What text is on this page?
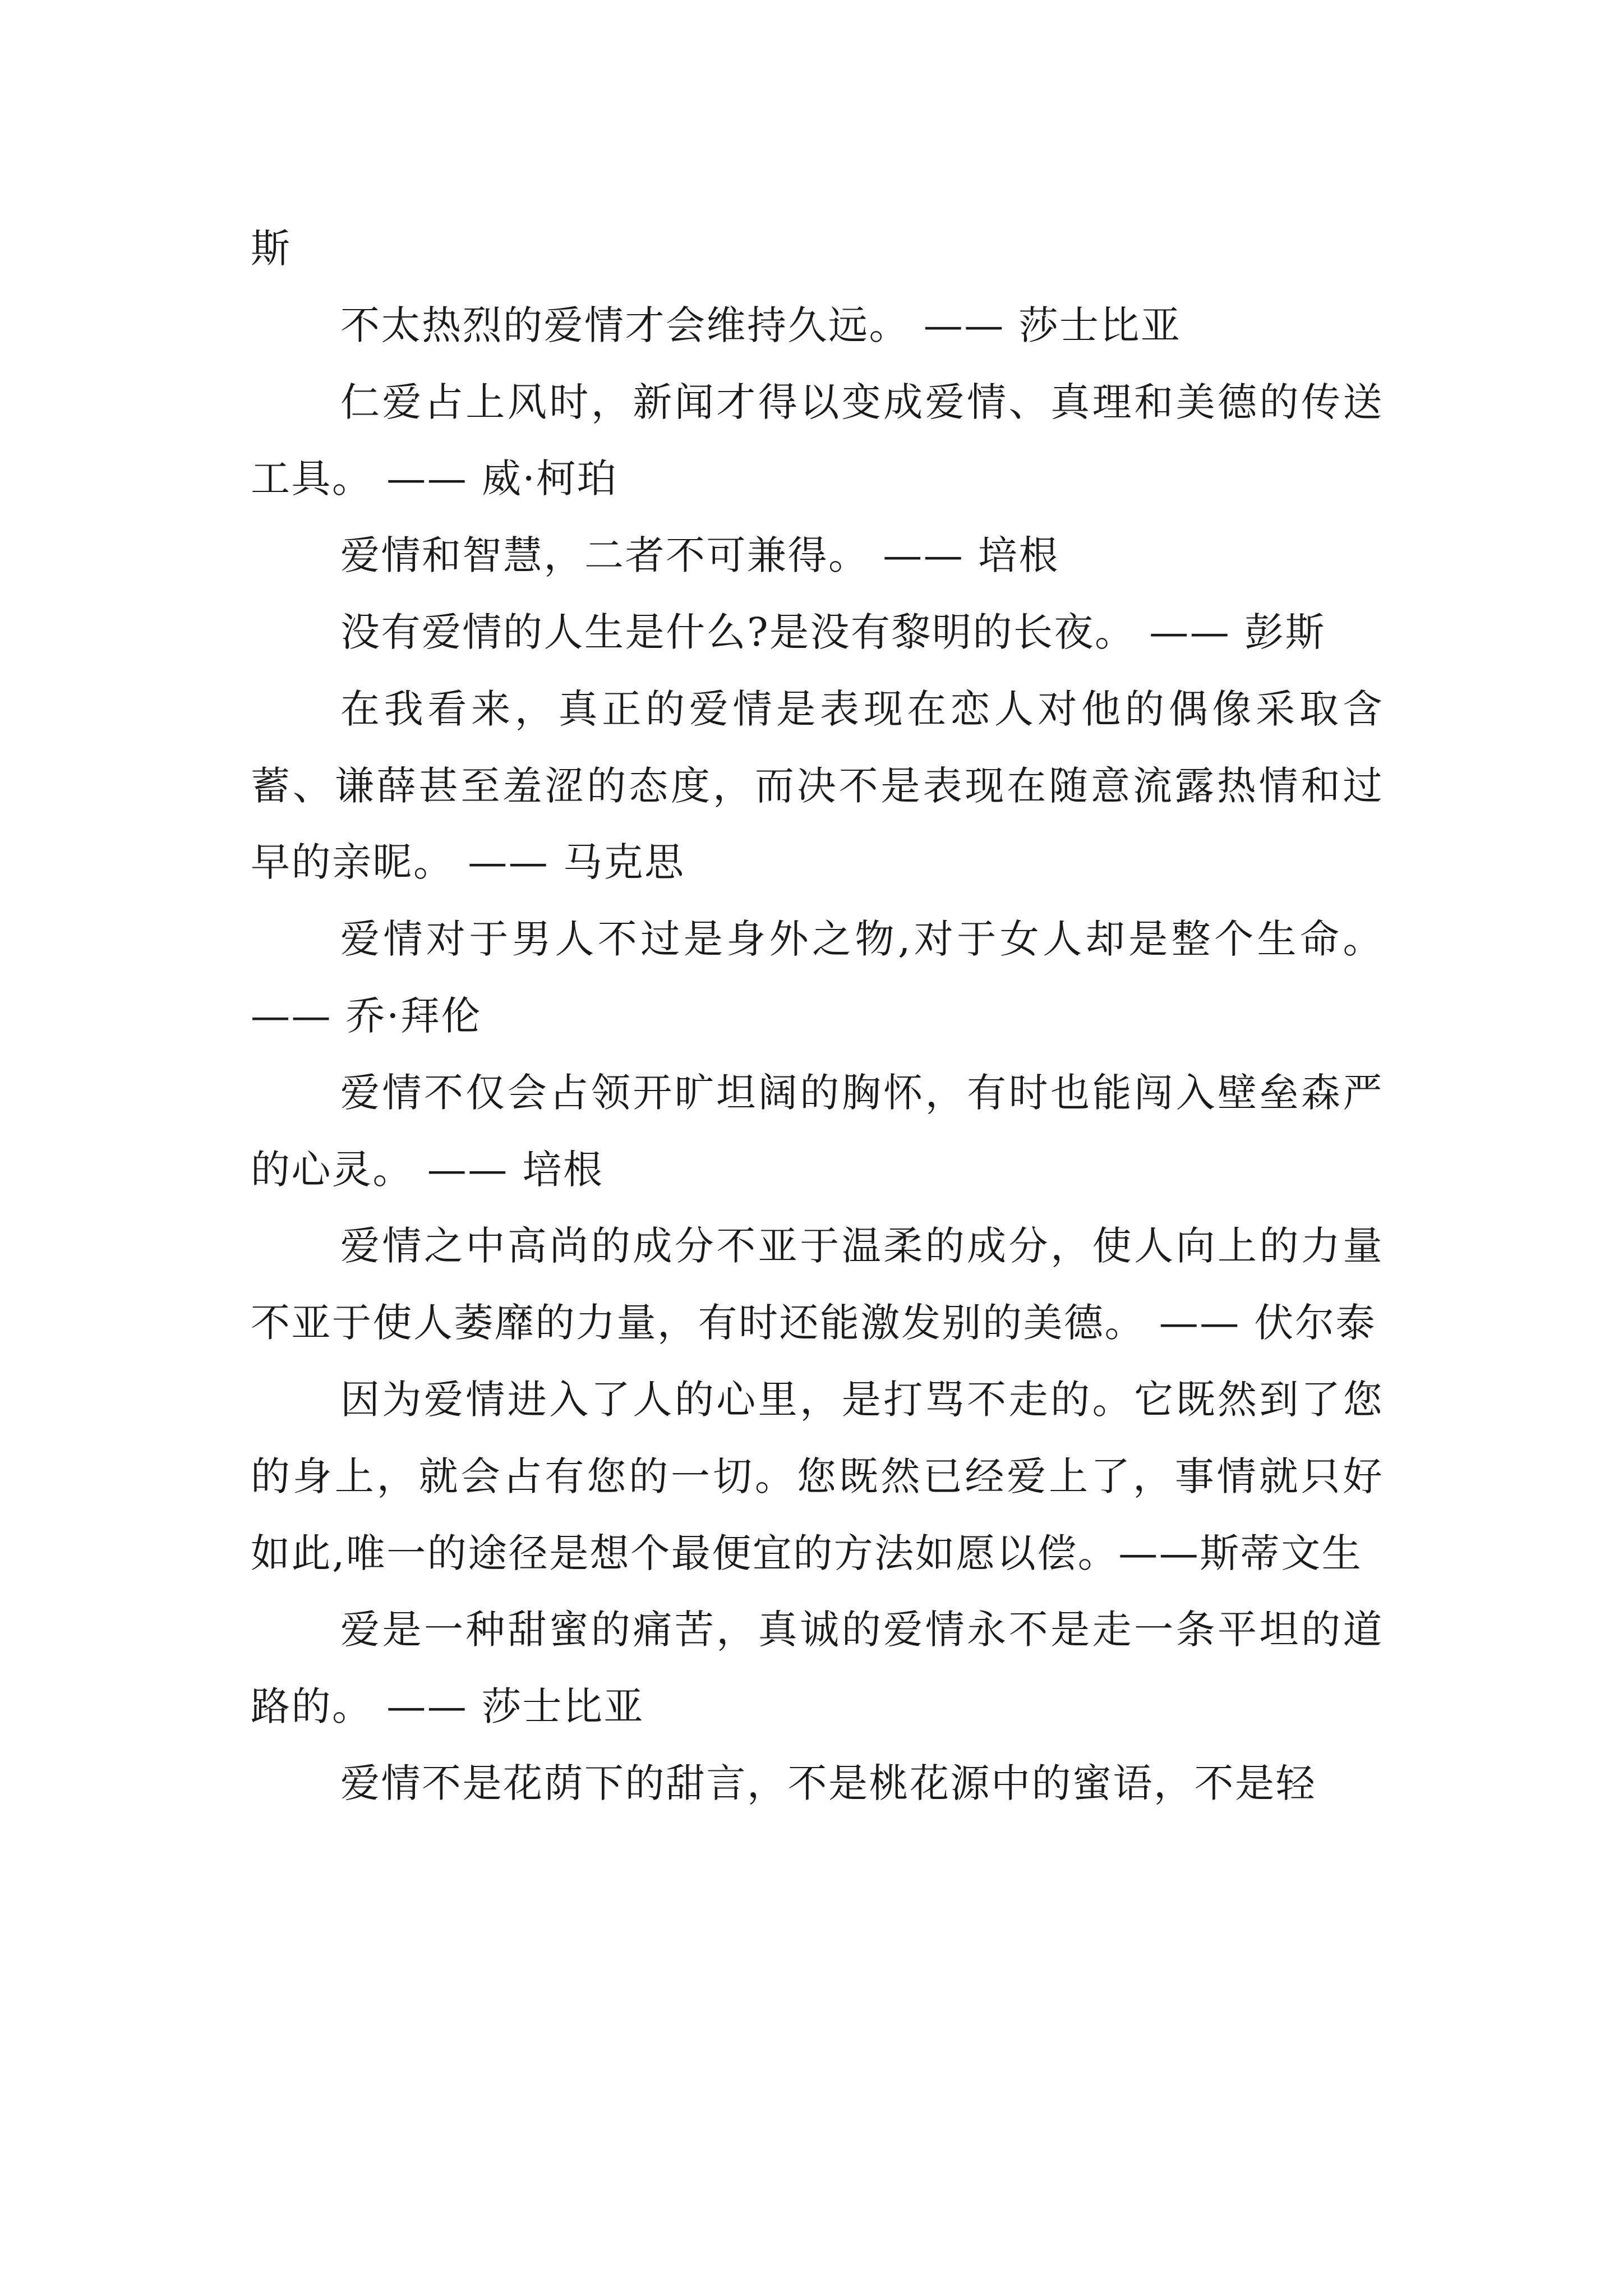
斯

不太热烈的爱情才会维持久远。 —— 莎士比亚

仁爱占上风时，新闻才得以变成爱情、真理和美德的传送工具。 —— 威·柯珀

爱情和智慧，二者不可兼得。 —— 培根

没有爱情的人生是什么?是没有黎明的长夜。 —— 彭斯

在我看来，真正的爱情是表现在恋人对他的偶像采取含蓄、谦薛甚至羞涩的态度，而决不是表现在随意流露热情和过早的亲昵。 —— 马克思

爱情对于男人不过是身外之物,对于女人却是整个生命。 —— 乔·拜伦

爱情不仅会占领开旷坦阔的胸怀，有时也能闯入壁垒森严的心灵。 —— 培根

爱情之中高尚的成分不亚于温柔的成分，使人向上的力量不亚于使人萎靡的力量，有时还能激发别的美德。 —— 伏尔泰

因为爱情进入了人的心里，是打骂不走的。它既然到了您的身上，就会占有您的一切。您既然已经爱上了，事情就只好如此,唯一的途径是想个最便宜的方法如愿以偿。——斯蒂文生

爱是一种甜蜜的痛苦，真诚的爱情永不是走一条平坦的道路的。 —— 莎士比亚

爱情不是花荫下的甜言，不是桃花源中的蜜语，不是轻
